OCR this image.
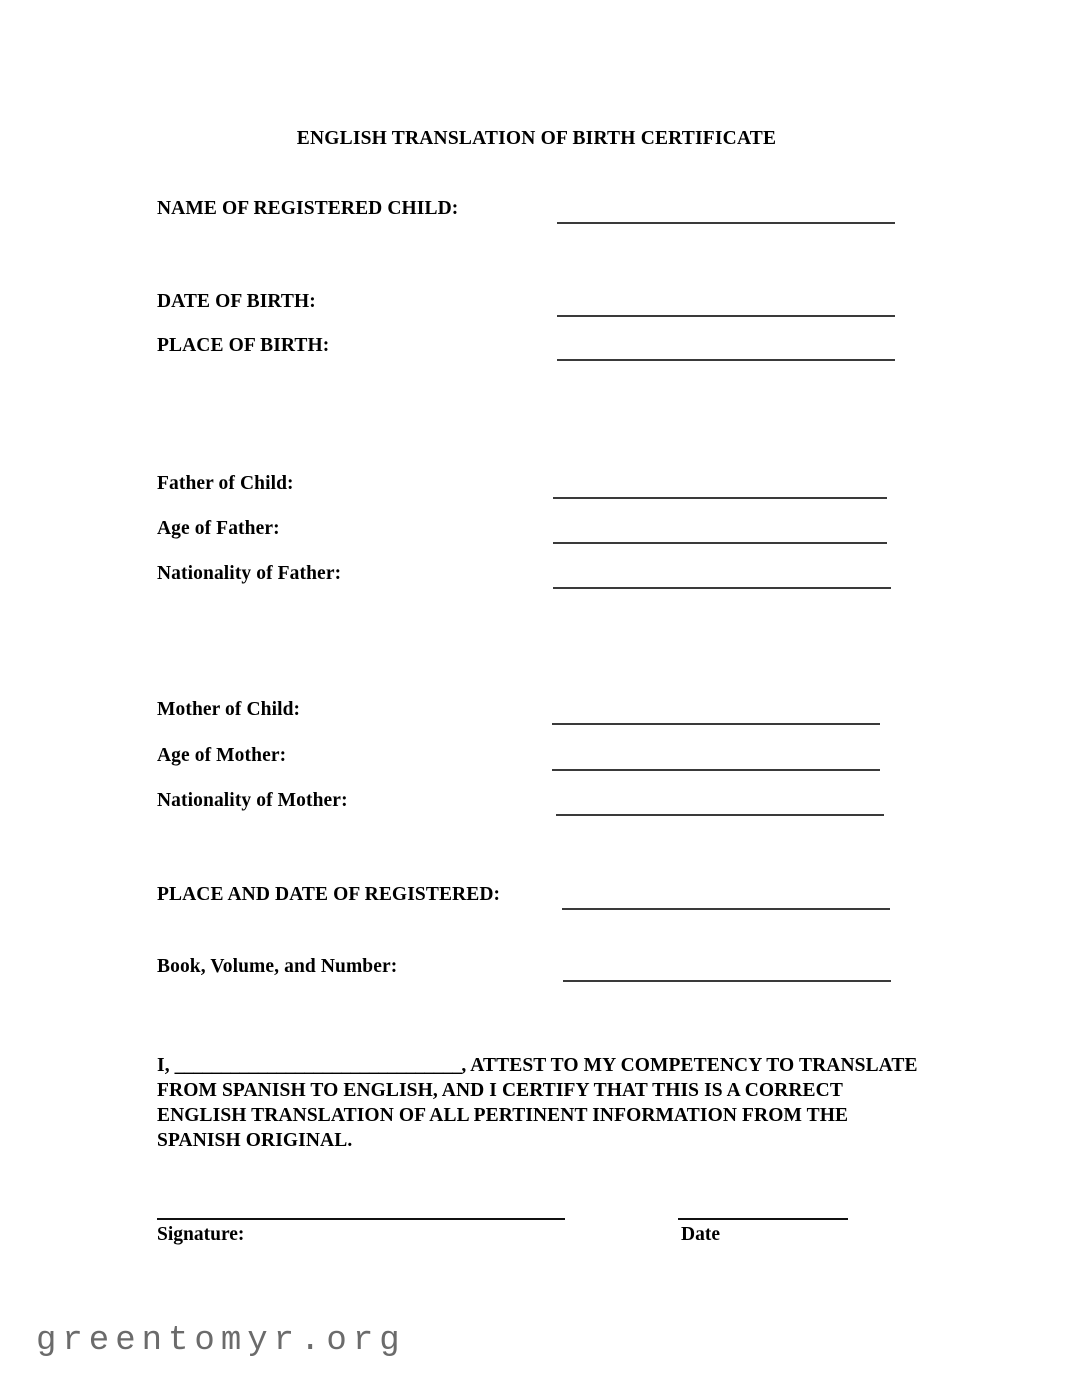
ENGLISH TRANSLATION OF BIRTH CERTIFICATE
NAME OF REGISTERED CHILD:
DATE OF BIRTH:
PLACE OF BIRTH:
Father of Child:
Age of Father:
Nationality of Father:
Mother of Child:
Age of Mother:
Nationality of Mother:
PLACE AND DATE OF REGISTERED:
Book, Volume, and Number :
I, _______________________________, ATTEST TO MY COMPETENCY TO TRANSLATE FROM SPANISH TO ENGLISH, AND I CERTIFY THAT THIS IS A CORRECT ENGLISH TRANSLATION OF ALL PERTINENT INFORMATION FROM THE SPANISH ORIGINAL.
Signature:	Date
greentomyr.org
